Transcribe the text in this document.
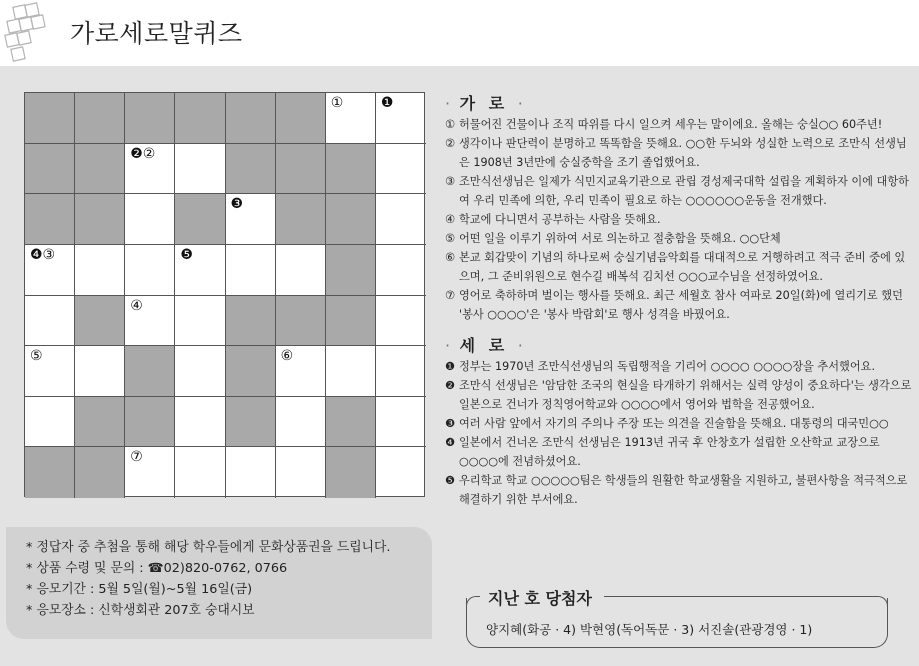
가로세로말퀴즈
①	❶
❷②
❸
❹③	❺
④
⑤	⑥
⑦
* 정답자 중 추첨을 통해 해당 학우들에게 문화상품권을 드립니다.
* 상품 수령 및 문의 : ☎02)820-0762, 0766
* 응모기간 : 5월 5일(월)~5월 16일(금)
* 응모장소 : 신학생회관 207호 숭대시보
· 가 로 ·
① 허물어진 건물이나 조직 따위를 다시 일으켜 세우는 말이에요. 올해는 숭실○○ 60주년!
② 생각이나 판단력이 분명하고 똑똑함을 뜻해요. ○○한 두뇌와 성실한 노력으로 조만식 선생님은 1908년 3년만에 숭실중학을 조기 졸업했어요.
③ 조만식선생님은 일제가 식민지교육기관으로 관립 경성제국대학 설립을 계획하자 이에 대항하여 우리 민족에 의한, 우리 민족이 필요로 하는 ○○○○○○운동을 전개했다.
④ 학교에 다니면서 공부하는 사람을 뜻해요.
⑤ 어떤 일을 이루기 위하여 서로 의논하고 절충함을 뜻해요. ○○단체
⑥ 본교 회갑맞이 기념의 하나로써 숭실기념음악회를 대대적으로 거행하려고 적극 준비 중에 있으며, 그 준비위원으로 현수길 배복석 김치선 ○○○교수님을 선정하였어요.
⑦ 영어로 축하하며 벌이는 행사를 뜻해요. 최근 세월호 참사 여파로 20일(화)에 열리기로 했던 '봉사 ○○○○'은 '봉사 박람회'로 행사 성격을 바꿨어요.
· 세 로 ·
❶ 정부는 1970년 조만식선생님의 독립행적을 기리어 ○○○○ ○○○○장을 추서했어요.
❷ 조만식 선생님은 '암담한 조국의 현실을 타개하기 위해서는 실력 양성이 중요하다'는 생각으로 일본으로 건너가 정칙영어학교와 ○○○○에서 영어와 법학을 전공했어요.
❸ 여러 사람 앞에서 자기의 주의나 주장 또는 의견을 진술함을 뜻해요. 대통령의 대국민○○
❹ 일본에서 건너온 조만식 선생님은 1913년 귀국 후 안창호가 설립한 오산학교 교장으로 ○○○○에 전념하셨어요.
❺ 우리학교 학교 ○○○○○팀은 학생들의 원활한 학교생활을 지원하고, 불편사항을 적극적으로 해결하기 위한 부서에요.
지난 호 당첨자
양지혜(화공 · 4) 박현영(독어독문 · 3) 서진솔(관광경영 · 1)
